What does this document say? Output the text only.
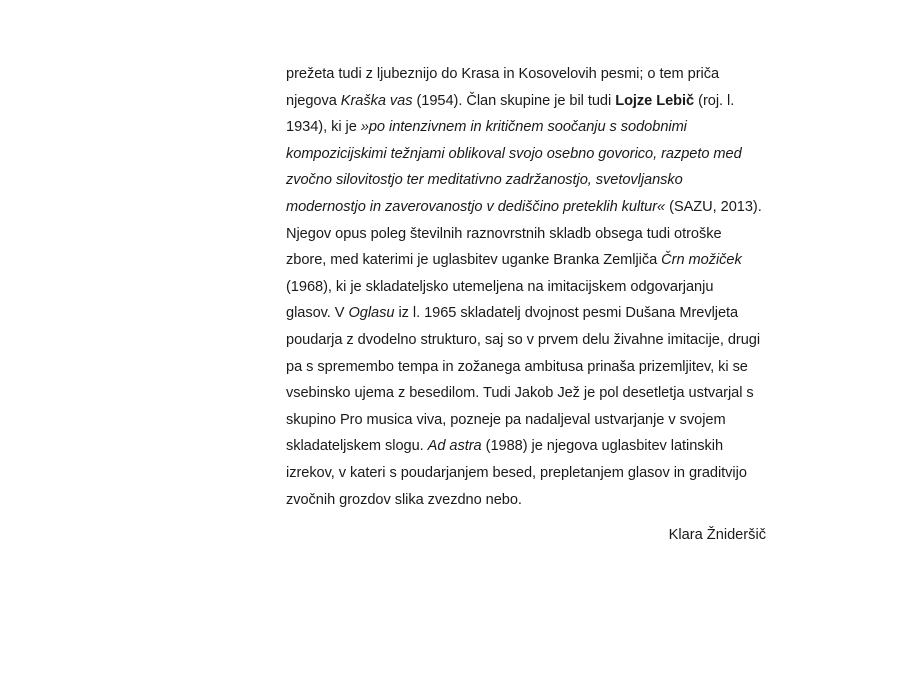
prežeta tudi z ljubeznijo do Krasa in Kosovelovih pesmi; o tem priča
njegova Kraška vas (1954). Član skupine je bil tudi Lojze Lebič (roj. l.
1934), ki je »po intenzivnem in kritičnem soočanju s sodobnimi
kompozicijskimi težnjami oblikoval svojo osebno govorico, razpeto med
zvočno silovitostjo ter meditativno zadržanostjo, svetovljansko
modernostjo in zaverovanostjo v dediščino preteklih kultur« (SAZU, 2013).
Njegov opus poleg številnih raznovrstnih skladb obsega tudi otroške
zbore, med katerimi je uglasbitev uganke Branka Zemljiča Črn možiček
(1968), ki je skladateljsko utemeljena na imitacijskem odgovarjanju
glasov. V Oglasu iz l. 1965 skladatelj dvojnost pesmi Dušana Mrevljeta
poudarja z dvodelno strukturo, saj so v prvem delu živahne imitacije, drugi
pa s spremembo tempa in zožanega ambitusa prinaša prizemljitev, ki se
vsebinsko ujema z besedilom. Tudi Jakob Jež je pol desetletja ustvarjal s
skupino Pro musica viva, pozneje pa nadaljeval ustvarjanje v svojem
skladateljskem slogu. Ad astra (1988) je njegova uglasbitev latinskih
izrekov, v kateri s poudarjanjem besed, prepletanjem glasov in graditvijo
zvočnih grozdov slika zvezdno nebo.
Klara Žnideršič
